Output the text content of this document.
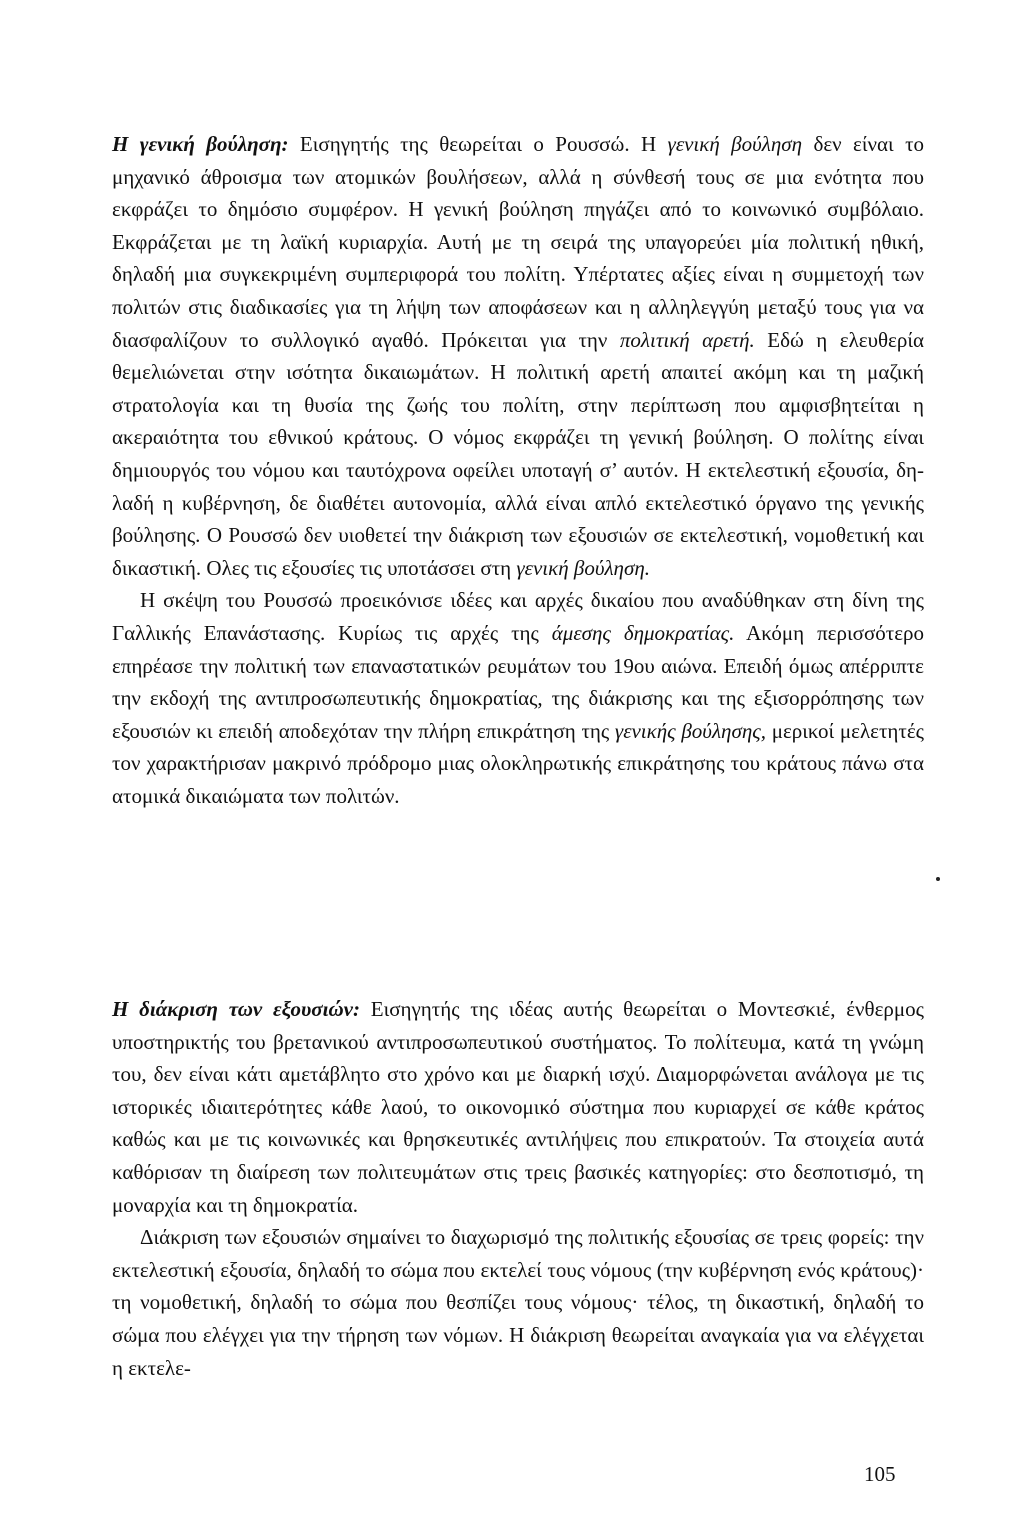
Η γενική βούληση: Εισηγητής της θεωρείται ο Ρουσσώ. Η γενική βούληση δεν είναι το μηχανικό άθροισμα των ατομικών βουλήσεων, αλλά η σύνθεσή τους σε μια ενότητα που εκφράζει το δημόσιο συμφέρον. Η γενική βούληση πηγάζει από το κοινωνικό συμβόλαιο. Εκφράζεται με τη λαϊκή κυριαρχία. Αυτή με τη σειρά της υπαγορεύει μία πολιτική ηθική, δηλαδή μια συγκεκριμένη συμπεριφορά του πολίτη. Υπέρτατες αξίες είναι η συμμετοχή των πολιτών στις διαδικασίες για τη λήψη των αποφάσεων και η αλληλεγγύη μεταξύ τους για να διασφαλίζουν το συλλογικό αγαθό. Πρόκειται για την πολιτική αρετή. Εδώ η ελευθερία θεμελιώνεται στην ισότητα δικαιωμάτων. Η πολιτική αρετή απαιτεί ακόμη και τη μαζική στρατολογία και τη θυσία της ζωής του πολίτη, στην περίπτωση που αμφισβητείται η ακεραιότητα του εθνικού κράτους. Ο νόμος εκφράζει τη γενική βούληση. Ο πολίτης είναι δημιουργός του νόμου και ταυτόχρονα οφείλει υποταγή σ’ αυτόν. Η εκτελεστική εξουσία, δηλαδή η κυβέρνηση, δε διαθέτει αυτονομία, αλλά είναι απλό εκτελεστικό όργανο της γενικής βούλησης. Ο Ρουσσώ δεν υιοθετεί την διάκριση των εξουσιών σε εκτελεστική, νομοθετική και δικαστική. Ολες τις εξουσίες τις υποτάσσει στη γενική βούληση.

Η σκέψη του Ρουσσώ προεικόνισε ιδέες και αρχές δικαίου που αναδύθηκαν στη δίνη της Γαλλικής Επανάστασης. Κυρίως τις αρχές της άμεσης δημοκρατίας. Ακόμη περισσότερο επηρέασε την πολιτική των επαναστατικών ρευμάτων του 19ου αιώνα. Επειδή όμως απέρριπτε την εκδοχή της αντιπροσωπευτικής δημοκρατίας, της διάκρισης και της εξισορρόπησης των εξουσιών κι επειδή αποδεχόταν την πλήρη επικράτηση της γενικής βούλησης, μερικοί μελετητές τον χαρακτήρισαν μακρινό πρόδρομο μιας ολοκληρωτικής επικράτησης του κράτους πάνω στα ατομικά δικαιώματα των πολιτών.

Η διάκριση των εξουσιών: Εισηγητής της ιδέας αυτής θεωρείται ο Μοντεσκιέ, ένθερμος υποστηρικτής του βρετανικού αντιπροσωπευτικού συστήματος. Το πολίτευμα, κατά τη γνώμη του, δεν είναι κάτι αμετάβλητο στο χρόνο και με διαρκή ισχύ. Διαμορφώνεται ανάλογα με τις ιστορικές ιδιαιτερότητες κάθε λαού, το οικονομικό σύστημα που κυριαρχεί σε κάθε κράτος καθώς και με τις κοινωνικές και θρησκευτικές αντιλήψεις που επικρατούν. Τα στοιχεία αυτά καθόρισαν τη διαίρεση των πολιτευμάτων στις τρεις βασικές κατηγορίες: στο δεσποτισμό, τη μοναρχία και τη δημοκρατία.

Διάκριση των εξουσιών σημαίνει το διαχωρισμό της πολιτικής εξουσίας σε τρεις φορείς: την εκτελεστική εξουσία, δηλαδή το σώμα που εκτελεί τους νόμους (την κυβέρνηση ενός κράτους)· τη νομοθετική, δηλαδή το σώμα που θεσπίζει τους νόμους· τέλος, τη δικαστική, δηλαδή το σώμα που ελέγχει για την τήρηση των νόμων. Η διάκριση θεωρείται αναγκαία για να ελέγχεται η εκτελε-

105
